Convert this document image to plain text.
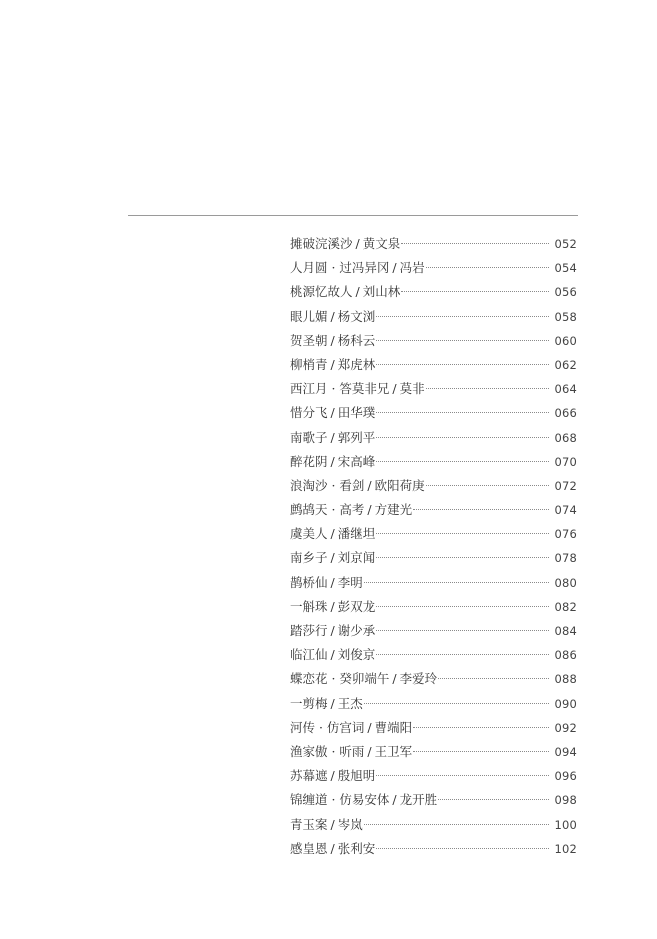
摊破浣溪沙 / 黄文泉	052
人月圆 · 过冯异冈 / 冯岩	054
桃源忆故人 / 刘山林	056
眼儿媚 / 杨文浏	058
贺圣朝 / 杨科云	060
柳梢青 / 郑虎林	062
西江月 · 答莫非兄 / 莫非	064
惜分飞 / 田华璞	066
南歌子 / 郭列平	068
醉花阴 / 宋高峰	070
浪淘沙 · 看剑 / 欧阳荷庚	072
鹧鸪天 · 高考 / 方建光	074
虞美人 / 潘继坦	076
南乡子 / 刘京闻	078
鹊桥仙 / 李明	080
一斛珠 / 彭双龙	082
踏莎行 / 谢少承	084
临江仙 / 刘俊京	086
蝶恋花 · 癸卯端午 / 李爱玲	088
一剪梅 / 王杰	090
河传 · 仿宫词 / 曹端阳	092
渔家傲 · 听雨 / 王卫军	094
苏幕遮 / 殷旭明	096
锦缠道 · 仿易安体 / 龙开胜	098
青玉案 / 岑岚	100
感皇恩 / 张利安	102
